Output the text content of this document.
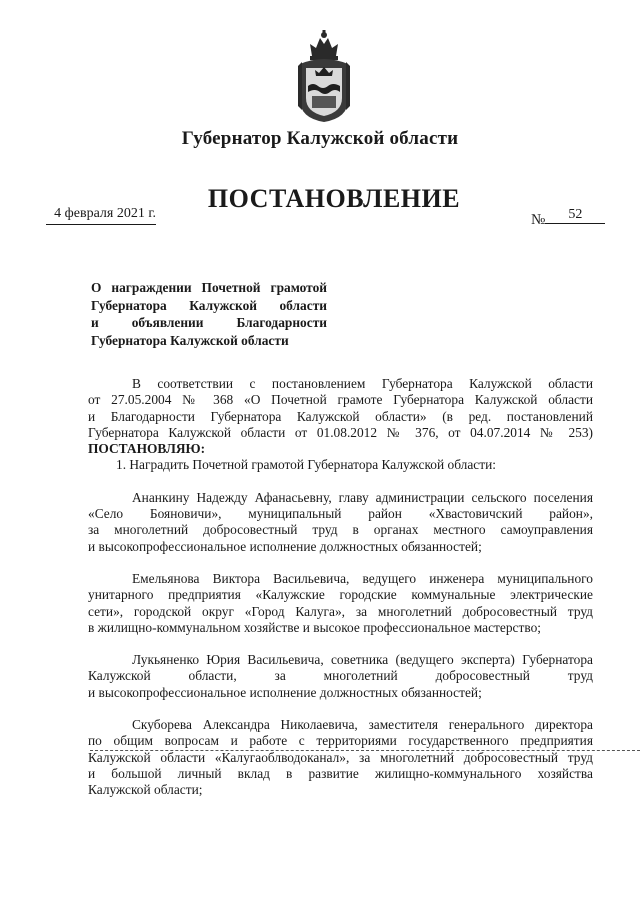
Губернатор Калужской области
ПОСТАНОВЛЕНИЕ
4 февраля 2021 г.	№ 52
О награждении Почетной грамотой
Губернатора Калужской области
и объявлении Благодарности
Губернатора Калужской области
В соответствии с постановлением Губернатора Калужской области
от 27.05.2004 № 368 «О Почетной грамоте Губернатора Калужской области
и Благодарности Губернатора Калужской области» (в ред. постановлений
Губернатора Калужской области от 01.08.2012 № 376, от 04.07.2014 № 253)
ПОСТАНОВЛЯЮ:
1. Наградить Почетной грамотой Губернатора Калужской области:
Ананкину Надежду Афанасьевну, главу администрации сельского поселения
«Село Бояновичи», муниципальный район «Хвастовичский район»,
за многолетний добросовестный труд в органах местного самоуправления
и высокопрофессиональное исполнение должностных обязанностей;
Емельянова Виктора Васильевича, ведущего инженера муниципального
унитарного предприятия «Калужские городские коммунальные электрические
сети», городской округ «Город Калуга», за многолетний добросовестный труд
в жилищно-коммунальном хозяйстве и высокое профессиональное мастерство;
Лукьяненко Юрия Васильевича, советника (ведущего эксперта) Губернатора
Калужской области, за многолетний добросовестный труд
и высокопрофессиональное исполнение должностных обязанностей;
Скуборева Александра Николаевича, заместителя генерального директора
по общим вопросам и работе с территориями государственного предприятия
Калужской области «Калугаоблводоканал», за многолетний добросовестный труд
и большой личный вклад в развитие жилищно-коммунального хозяйства
Калужской области;
